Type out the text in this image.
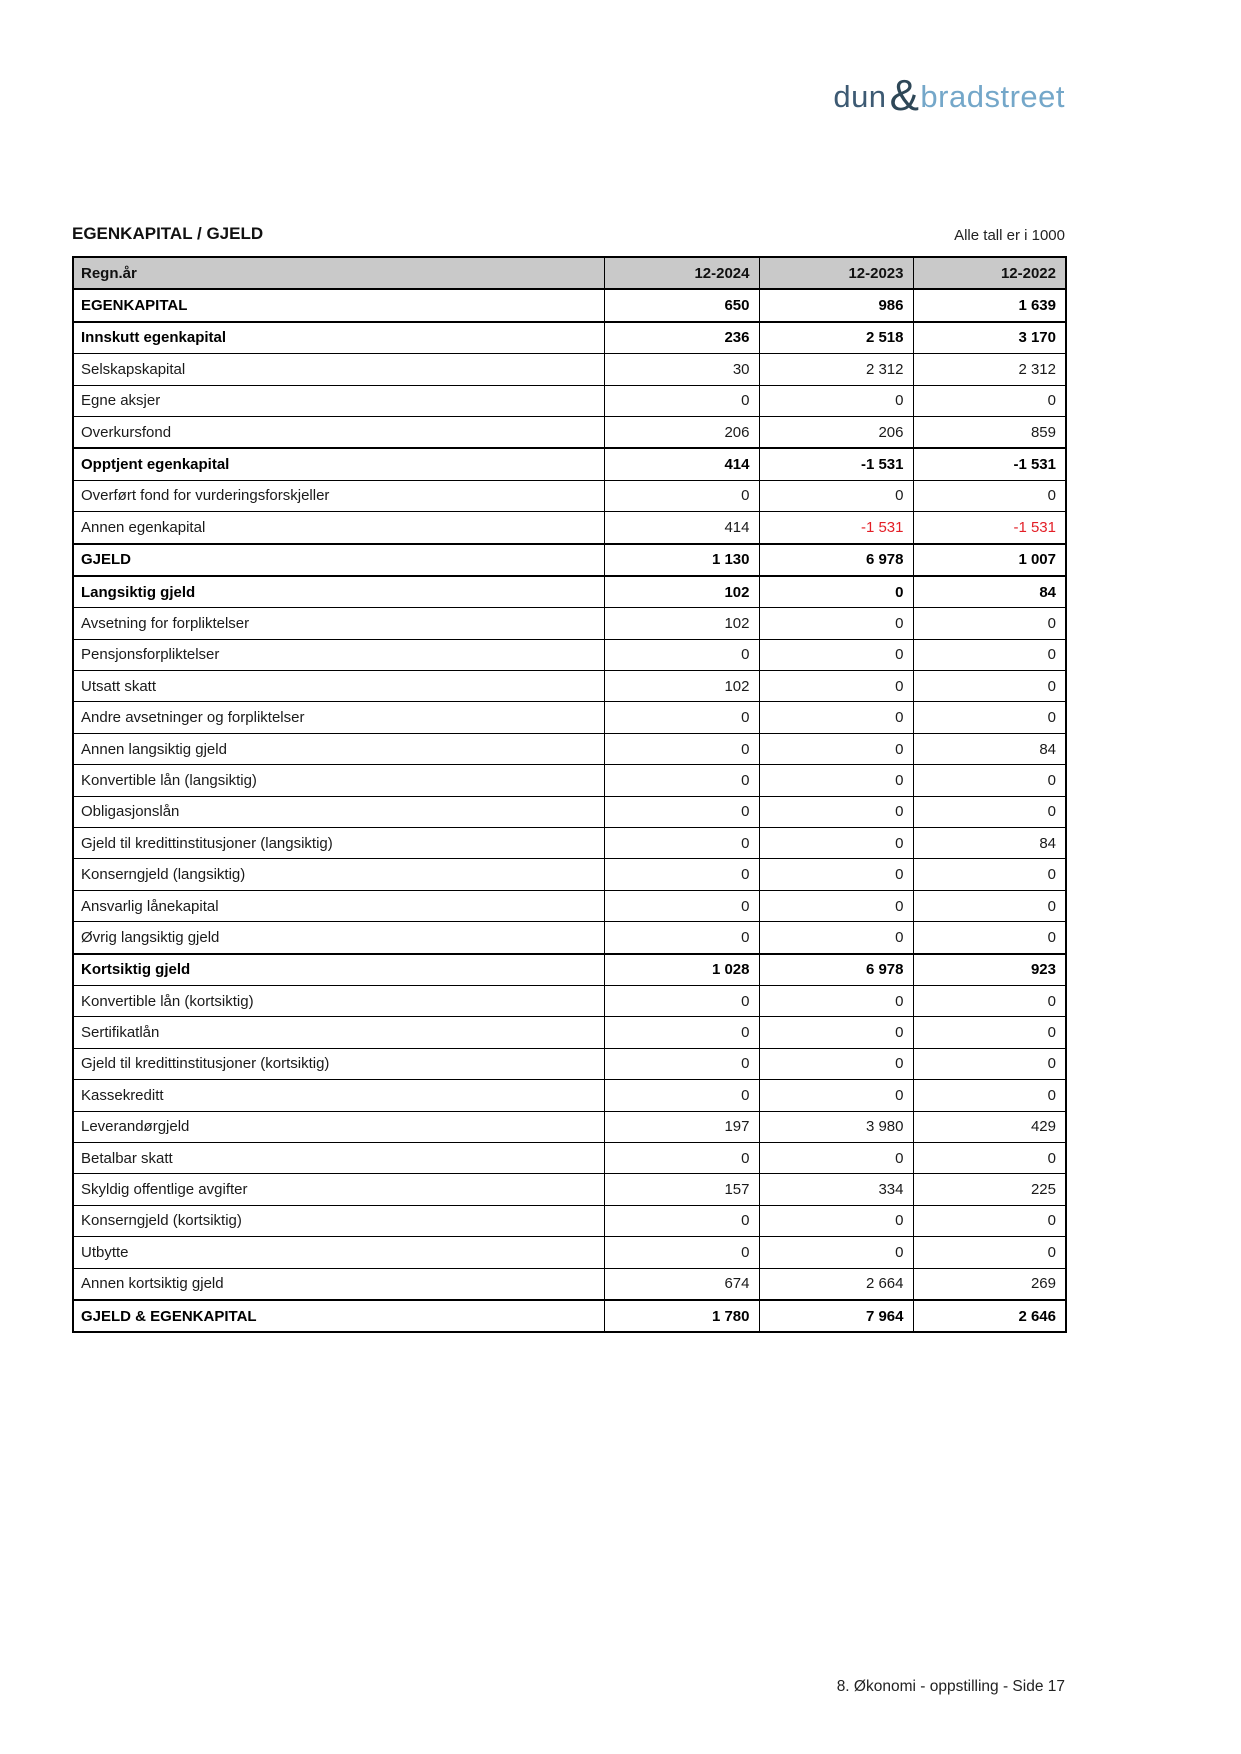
dun & bradstreet
EGENKAPITAL / GJELD	Alle tall er i 1000
Regn.år	12-2024	12-2023	12-2022
EGENKAPITAL	650	986	1 639
Innskutt egenkapital	236	2 518	3 170
Selskapskapital	30	2 312	2 312
Egne aksjer	0	0	0
Overkursfond	206	206	859
Opptjent egenkapital	414	-1 531	-1 531
Overført fond for vurderingsforskjeller	0	0	0
Annen egenkapital	414	-1 531	-1 531
GJELD	1 130	6 978	1 007
Langsiktig gjeld	102	0	84
Avsetning for forpliktelser	102	0	0
Pensjonsforpliktelser	0	0	0
Utsatt skatt	102	0	0
Andre avsetninger og forpliktelser	0	0	0
Annen langsiktig gjeld	0	0	84
Konvertible lån (langsiktig)	0	0	0
Obligasjonslån	0	0	0
Gjeld til kredittinstitusjoner (langsiktig)	0	0	84
Konserngjeld (langsiktig)	0	0	0
Ansvarlig lånekapital	0	0	0
Øvrig langsiktig gjeld	0	0	0
Kortsiktig gjeld	1 028	6 978	923
Konvertible lån (kortsiktig)	0	0	0
Sertifikatlån	0	0	0
Gjeld til kredittinstitusjoner (kortsiktig)	0	0	0
Kassekreditt	0	0	0
Leverandørgjeld	197	3 980	429
Betalbar skatt	0	0	0
Skyldig offentlige avgifter	157	334	225
Konserngjeld (kortsiktig)	0	0	0
Utbytte	0	0	0
Annen kortsiktig gjeld	674	2 664	269
GJELD & EGENKAPITAL	1 780	7 964	2 646
8. Økonomi - oppstilling - Side 17
